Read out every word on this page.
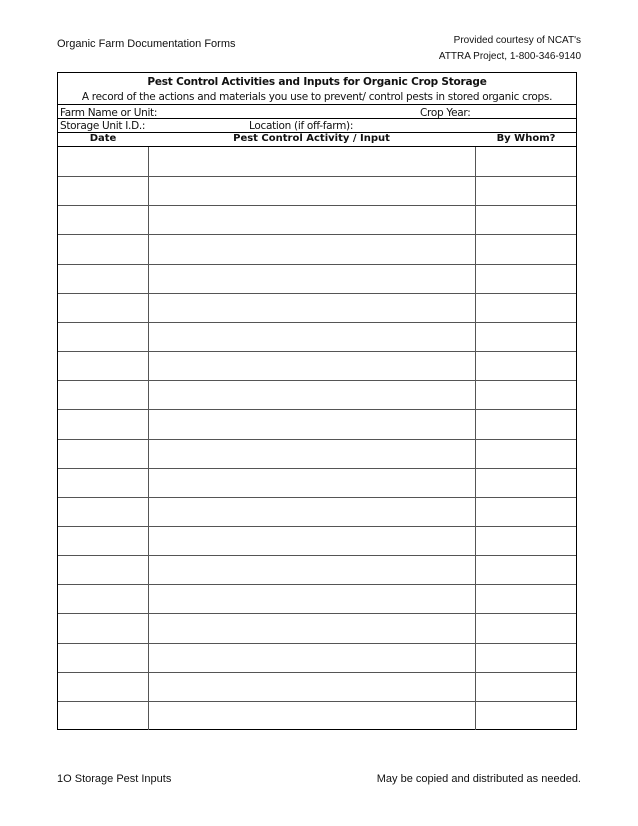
Organic Farm Documentation Forms	Provided courtesy of NCAT's
ATTRA Project, 1-800-346-9140
Pest Control Activities and Inputs for Organic Crop Storage
A record of the actions and materials you use to prevent/ control pests in stored organic crops.
Farm Name or Unit:	Crop Year:
Storage Unit I.D.:	Location (if off-farm):
Date	Pest Control Activity / Input	By Whom?
1O Storage Pest Inputs	May be copied and distributed as needed.
